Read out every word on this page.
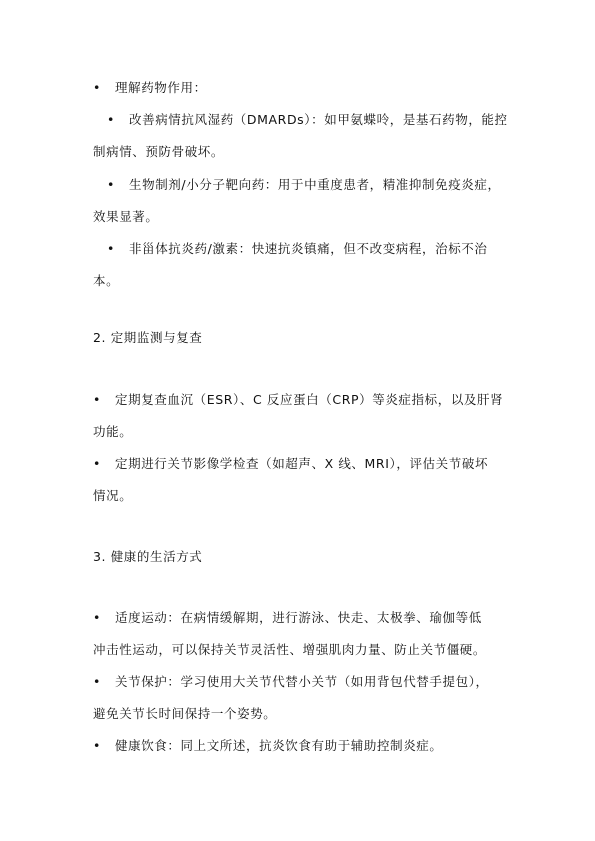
• 理解药物作用：
• 改善病情抗风湿药（DMARDs）：如甲氨蝶呤，是基石药物，能控
制病情、预防骨破坏。
• 生物制剂/小分子靶向药：用于中重度患者，精准抑制免疫炎症，
效果显著。
• 非甾体抗炎药/激素：快速抗炎镇痛，但不改变病程，治标不治
本。
2. 定期监测与复查
• 定期复查血沉（ESR）、C 反应蛋白（CRP）等炎症指标，以及肝肾
功能。
• 定期进行关节影像学检查（如超声、X 线、MRI），评估关节破坏
情况。
3. 健康的生活方式
• 适度运动：在病情缓解期，进行游泳、快走、太极拳、瑜伽等低
冲击性运动，可以保持关节灵活性、增强肌肉力量、防止关节僵硬。
• 关节保护：学习使用大关节代替小关节（如用背包代替手提包），
避免关节长时间保持一个姿势。
• 健康饮食：同上文所述，抗炎饮食有助于辅助控制炎症。
